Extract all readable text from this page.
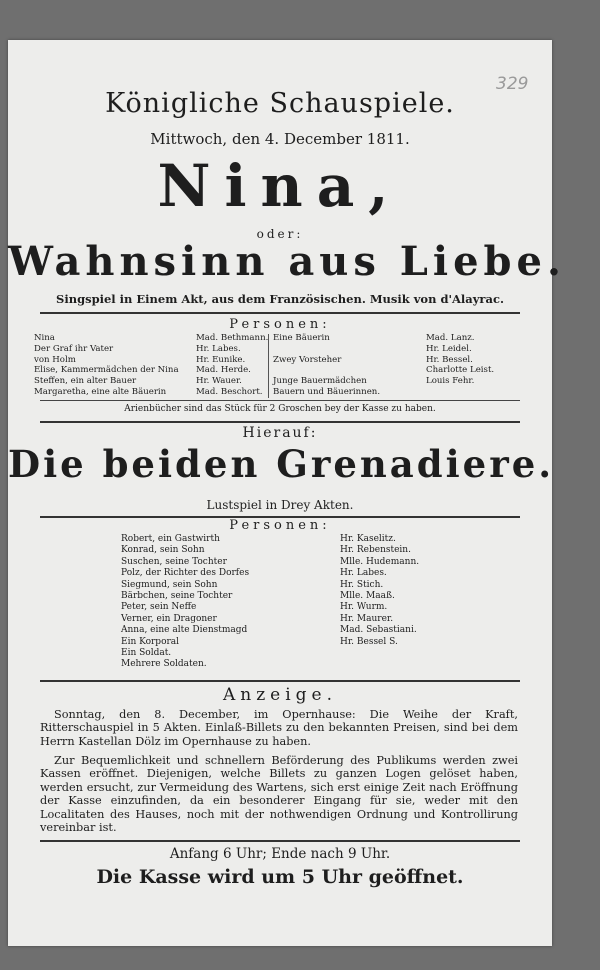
329
Königliche Schauspiele.
Mittwoch, den 4. December 1811.
Nina,
oder:
Wahnsinn aus Liebe.
Singspiel in Einem Akt, aus dem Französischen. Musik von d'Alayrac.
Personen:
Nina
Der Graf ihr Vater
von Holm
Elise, Kammermädchen der Nina
Steffen, ein alter Bauer
Margaretha, eine alte Bäuerin
Mad. Bethmann.
Hr. Labes.
Hr. Eunike.
Mad. Herde.
Hr. Wauer.
Mad. Beschort.
Eine Bäuerin

Zwey Vorsteher

Junge Bauermädchen
Bauern und Bäuerinnen.
Mad. Lanz.
Hr. Leidel.
Hr. Bessel.
Charlotte Leist.
Louis Fehr.
Arienbücher sind das Stück für 2 Groschen bey der Kasse zu haben.
Hierauf:
Die beiden Grenadiere.
Lustspiel in Drey Akten.
Personen:
Robert, ein Gastwirth
Konrad, sein Sohn
Suschen, seine Tochter
Polz, der Richter des Dorfes
Siegmund, sein Sohn
Bärbchen, seine Tochter
Peter, sein Neffe
Verner, ein Dragoner
Anna, eine alte Dienstmagd
Ein Korporal
Ein Soldat.
Mehrere Soldaten.
Hr. Kaselitz.
Hr. Rebenstein.
Mlle. Hudemann.
Hr. Labes.
Hr. Stich.
Mlle. Maaß.
Hr. Wurm.
Hr. Maurer.
Mad. Sebastiani.
Hr. Bessel S.
Anzeige.
Sonntag, den 8. December, im Opernhause: Die Weihe der Kraft, Ritterschauspiel in 5 Akten. Einlaß-Billets zu den bekannten Preisen, sind bei dem Herrn Kastellan Dölz im Opernhause zu haben.
Zur Bequemlichkeit und schnellern Beförderung des Publikums werden zwei Kassen eröffnet. Diejenigen, welche Billets zu ganzen Logen gelöset haben, werden ersucht, zur Vermeidung des Wartens, sich erst einige Zeit nach Eröffnung der Kasse einzufinden, da ein besonderer Eingang für sie, weder mit den Localitaten des Hauses, noch mit der nothwendigen Ordnung und Kontrollirung vereinbar ist.
Anfang 6 Uhr; Ende nach 9 Uhr.
Die Kasse wird um 5 Uhr geöffnet.
